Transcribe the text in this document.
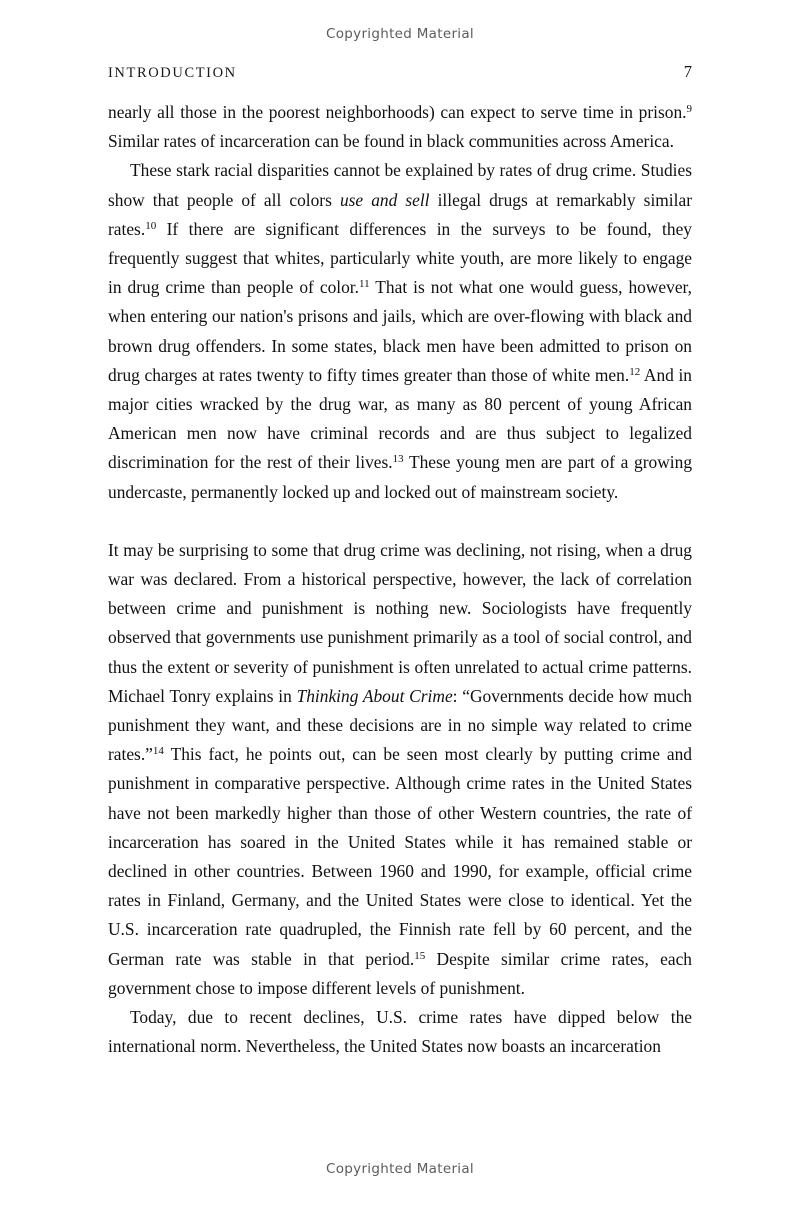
Copyrighted Material
INTRODUCTION	7

nearly all those in the poorest neighborhoods) can expect to serve time in prison.$^9$ Similar rates of incarceration can be found in black communities across America.

These stark racial disparities cannot be explained by rates of drug crime. Studies show that people of all colors use and sell illegal drugs at remarkably similar rates.$^{10}$ If there are significant differences in the surveys to be found, they frequently suggest that whites, particularly white youth, are more likely to engage in drug crime than people of color.$^{11}$ That is not what one would guess, however, when entering our nation's prisons and jails, which are over-flowing with black and brown drug offenders. In some states, black men have been admitted to prison on drug charges at rates twenty to fifty times greater than those of white men.$^{12}$ And in major cities wracked by the drug war, as many as 80 percent of young African American men now have criminal records and are thus subject to legalized discrimination for the rest of their lives.$^{13}$ These young men are part of a growing undercaste, permanently locked up and locked out of mainstream society.

It may be surprising to some that drug crime was declining, not rising, when a drug war was declared. From a historical perspective, however, the lack of correlation between crime and punishment is nothing new. Sociologists have frequently observed that governments use punishment primarily as a tool of social control, and thus the extent or severity of punishment is often unrelated to actual crime patterns. Michael Tonry explains in Thinking About Crime: “Governments decide how much punishment they want, and these decisions are in no simple way related to crime rates.”$^{14}$ This fact, he points out, can be seen most clearly by putting crime and punishment in comparative perspective. Although crime rates in the United States have not been markedly higher than those of other Western countries, the rate of incarceration has soared in the United States while it has remained stable or declined in other countries. Between 1960 and 1990, for example, official crime rates in Finland, Germany, and the United States were close to identical. Yet the U.S. incarceration rate quadrupled, the Finnish rate fell by 60 percent, and the German rate was stable in that period.$^{15}$ Despite similar crime rates, each government chose to impose different levels of punishment.

Today, due to recent declines, U.S. crime rates have dipped below the international norm. Nevertheless, the United States now boasts an incarceration

Copyrighted Material
